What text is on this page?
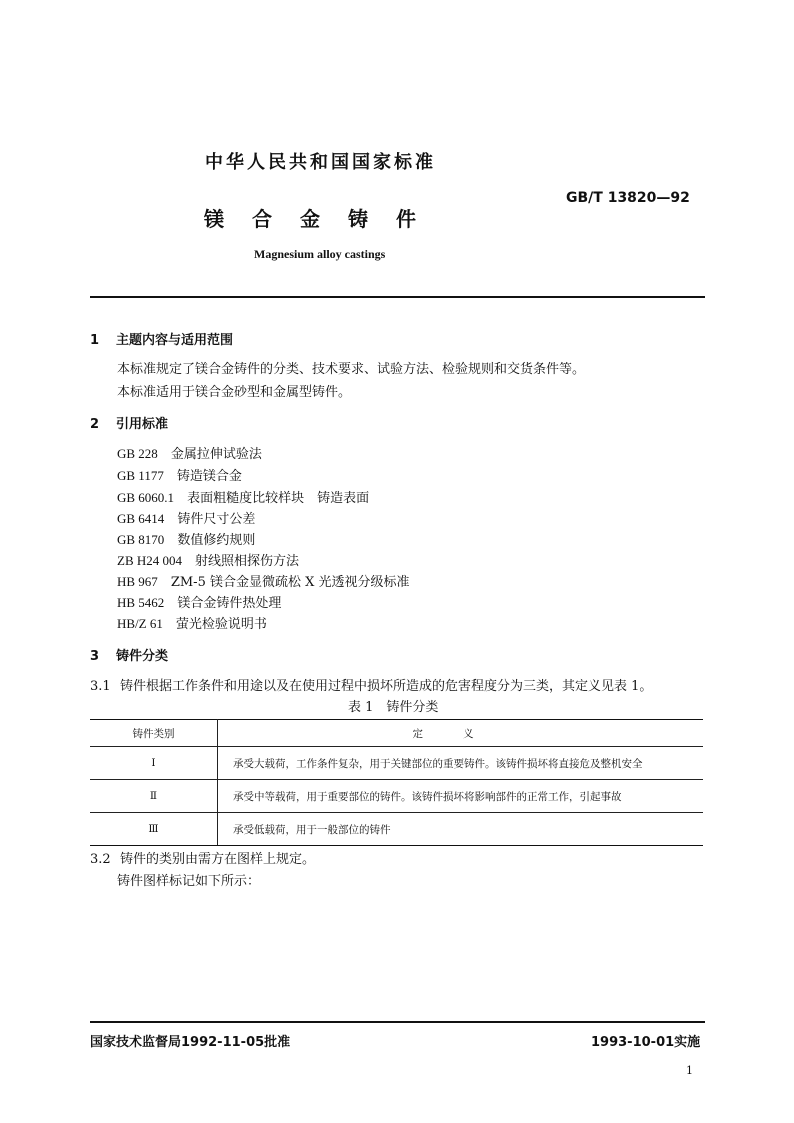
中华人民共和国国家标准
GB/T 13820—92
镁合金铸件
Magnesium alloy castings
1 主题内容与适用范围
本标准规定了镁合金铸件的分类、技术要求、试验方法、检验规则和交货条件等。
本标准适用于镁合金砂型和金属型铸件。
2 引用标准
GB 228　 金属拉伸试验法
GB 1177　 铸造镁合金
GB 6060.1　 表面粗糙度比较样块　铸造表面
GB 6414　 铸件尺寸公差
GB 8170　 数值修约规则
ZB H24 004　 射线照相探伤方法
HB 967　 ZM-5 镁合金显微疏松 X 光透视分级标准
HB 5462　 镁合金铸件热处理
HB/Z 61　 萤光检验说明书
3 铸件分类
3.1 铸件根据工作条件和用途以及在使用过程中损坏所造成的危害程度分为三类，其定义见表 1。
表 1　铸件分类
铸件类别	定义
Ⅰ	承受大载荷，工作条件复杂，用于关键部位的重要铸件。该铸件损坏将直接危及整机安全
Ⅱ	承受中等载荷，用于重要部位的铸件。该铸件损坏将影响部件的正常工作，引起事故
Ⅲ	承受低载荷，用于一般部位的铸件
3.2 铸件的类别由需方在图样上规定。
铸件图样标记如下所示：
国家技术监督局1992-11-05批准	1993-10-01实施
1
